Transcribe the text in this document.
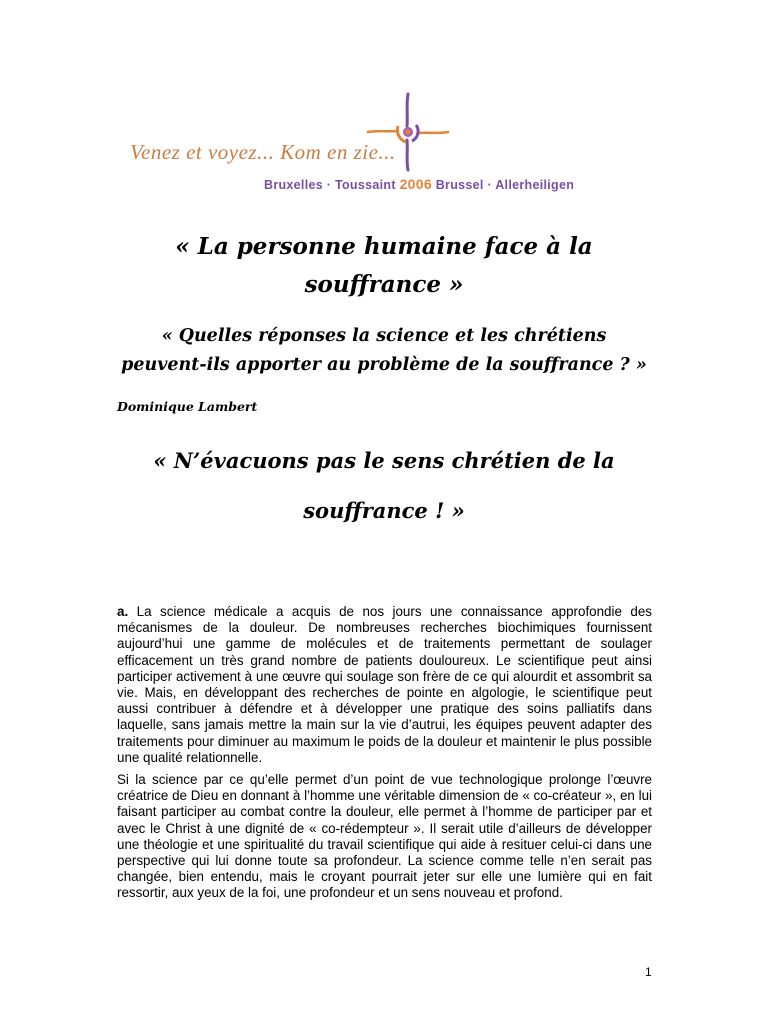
Venez et voyez... Kom en zie...
Bruxelles · Toussaint 2006 Brussel · Allerheiligen
« La personne humaine face à la
souffrance »
« Quelles réponses la science et les chrétiens
peuvent-ils apporter au problème de la souffrance ? »
Dominique Lambert
« N’évacuons pas le sens chrétien de la
souffrance ! »
a. La science médicale a acquis de nos jours une connaissance approfondie des mécanismes de la douleur. De nombreuses recherches biochimiques fournissent aujourd’hui une gamme de molécules et de traitements permettant de soulager efficacement un très grand nombre de patients douloureux. Le scientifique peut ainsi participer activement à une œuvre qui soulage son frère de ce qui alourdit et assombrit sa vie. Mais, en développant des recherches de pointe en algologie, le scientifique peut aussi contribuer à défendre et à développer une pratique des soins palliatifs dans laquelle, sans jamais mettre la main sur la vie d’autrui, les équipes peuvent adapter des traitements pour diminuer au maximum le poids de la douleur et maintenir le plus possible une qualité relationnelle.
Si la science par ce qu’elle permet d’un point de vue technologique prolonge l’œuvre créatrice de Dieu en donnant à l’homme une véritable dimension de « co-créateur », en lui faisant participer au combat contre la douleur, elle permet à l’homme de participer par et avec le Christ à une dignité de « co-rédempteur ». Il serait utile d’ailleurs de développer une théologie et une spiritualité du travail scientifique qui aide à resituer celui-ci dans une perspective qui lui donne toute sa profondeur. La science comme telle n’en serait pas changée, bien entendu, mais le croyant pourrait jeter sur elle une lumière qui en fait ressortir, aux yeux de la foi, une profondeur et un sens nouveau et profond.
1
